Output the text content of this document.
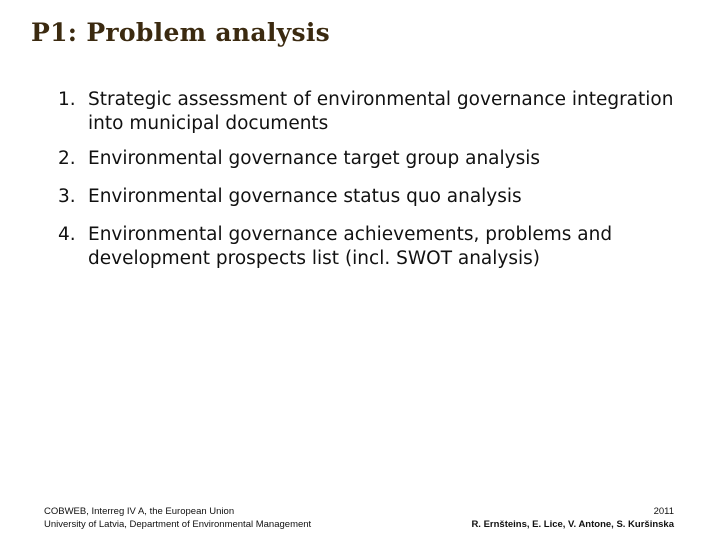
P1: Problem analysis
1. Strategic assessment of environmental governance integration into municipal documents
2. Environmental governance target group analysis
3. Environmental governance status quo analysis
4. Environmental governance achievements, problems and development prospects list (incl. SWOT analysis)
COBWEB, Interreg IV A, the European Union
University of Latvia, Department of Environmental Management
2011
R. Ernšteins, E. Lice, V. Antone, S. Kuršinska
